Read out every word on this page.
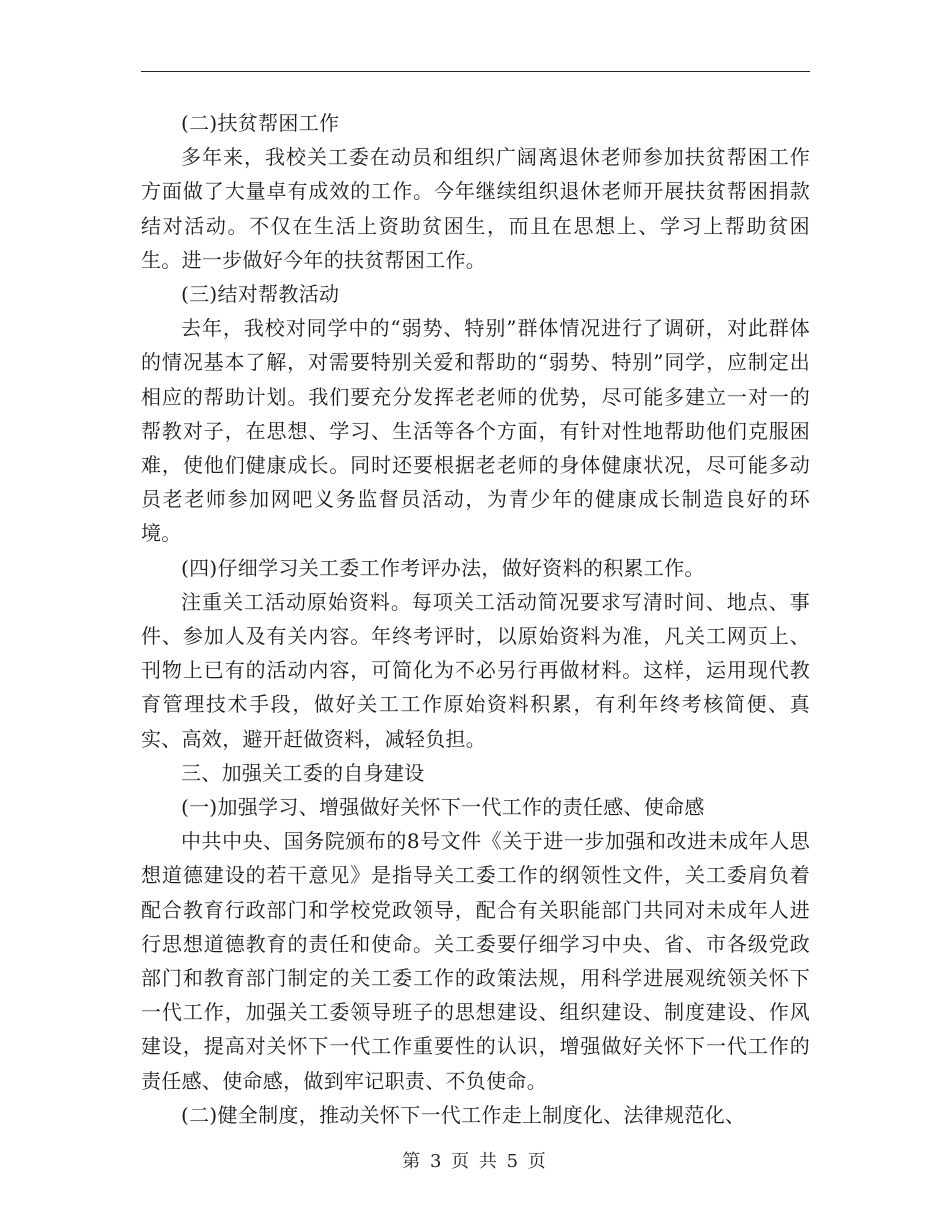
(二)扶贫帮困工作

多年来，我校关工委在动员和组织广阔离退休老师参加扶贫帮困工作方面做了大量卓有成效的工作。今年继续组织退休老师开展扶贫帮困捐款结对活动。不仅在生活上资助贫困生，而且在思想上、学习上帮助贫困生。进一步做好今年的扶贫帮困工作。

(三)结对帮教活动

去年，我校对同学中的“弱势、特别”群体情况进行了调研，对此群体的情况基本了解，对需要特别关爱和帮助的“弱势、特别”同学，应制定出相应的帮助计划。我们要充分发挥老老师的优势，尽可能多建立一对一的帮教对子，在思想、学习、生活等各个方面，有针对性地帮助他们克服困难，使他们健康成长。同时还要根据老老师的身体健康状况，尽可能多动员老老师参加网吧义务监督员活动，为青少年的健康成长制造良好的环境。

(四)仔细学习关工委工作考评办法，做好资料的积累工作。

注重关工活动原始资料。每项关工活动简况要求写清时间、地点、事件、参加人及有关内容。年终考评时，以原始资料为准，凡关工网页上、刊物上已有的活动内容，可简化为不必另行再做材料。这样，运用现代教育管理技术手段，做好关工工作原始资料积累，有利年终考核简便、真实、高效，避开赶做资料，减轻负担。

三、加强关工委的自身建设

(一)加强学习、增强做好关怀下一代工作的责任感、使命感

中共中央、国务院颁布的8号文件《关于进一步加强和改进未成年人思想道德建设的若干意见》是指导关工委工作的纲领性文件，关工委肩负着配合教育行政部门和学校党政领导，配合有关职能部门共同对未成年人进行思想道德教育的责任和使命。关工委要仔细学习中央、省、市各级党政部门和教育部门制定的关工委工作的政策法规，用科学进展观统领关怀下一代工作，加强关工委领导班子的思想建设、组织建设、制度建设、作风建设，提高对关怀下一代工作重要性的认识，增强做好关怀下一代工作的责任感、使命感，做到牢记职责、不负使命。

(二)健全制度，推动关怀下一代工作走上制度化、法律规范化、

第 3 页 共 5 页
